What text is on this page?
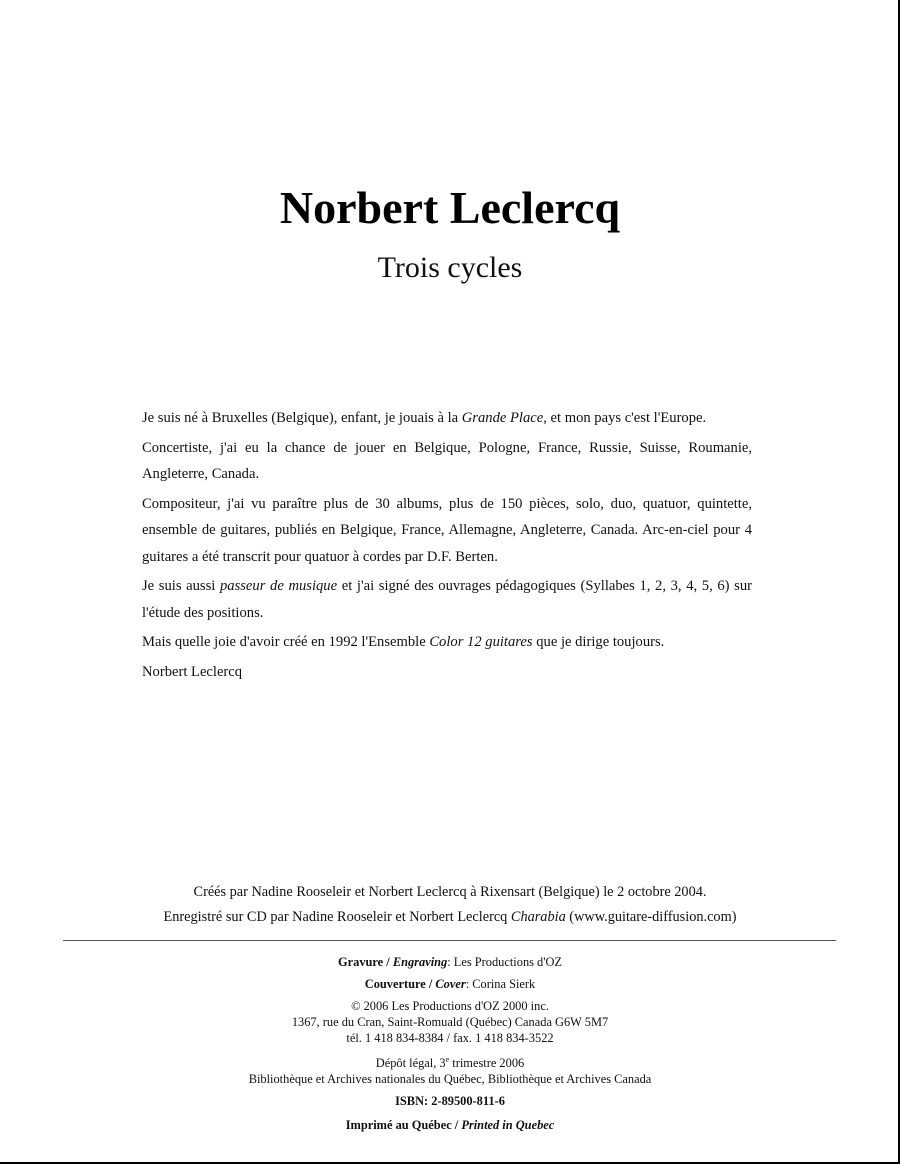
Norbert Leclercq
Trois cycles

Je suis né à Bruxelles (Belgique), enfant, je jouais à la Grande Place, et mon pays c'est l'Europe.

Concertiste, j'ai eu la chance de jouer en Belgique, Pologne, France, Russie, Suisse, Roumanie, Angleterre, Canada.

Compositeur, j'ai vu paraître plus de 30 albums, plus de 150 pièces, solo, duo, quatuor, quintette, ensemble de guitares, publiés en Belgique, France, Allemagne, Angleterre, Canada. Arc-en-ciel pour 4 guitares a été transcrit pour quatuor à cordes par D.F. Berten.

Je suis aussi passeur de musique et j'ai signé des ouvrages pédagogiques (Syllabes 1, 2, 3, 4, 5, 6) sur l'étude des positions.

Mais quelle joie d'avoir créé en 1992 l'Ensemble Color 12 guitares que je dirige toujours.

Norbert Leclercq

Créés par Nadine Rooseleir et Norbert Leclercq à Rixensart (Belgique) le 2 octobre 2004.
Enregistré sur CD par Nadine Rooseleir et Norbert Leclercq Charabia (www.guitare-diffusion.com)
Gravure / Engraving: Les Productions d'OZ
Couverture / Cover: Corina Sierk
© 2006 Les Productions d'OZ 2000 inc.
1367, rue du Cran, Saint-Romuald (Québec) Canada G6W 5M7
tél. 1 418 834-8384 / fax. 1 418 834-3522
Dépôt légal, 3e trimestre 2006
Bibliothèque et Archives nationales du Québec, Bibliothèque et Archives Canada
ISBN: 2-89500-811-6
Imprimé au Québec / Printed in Quebec
